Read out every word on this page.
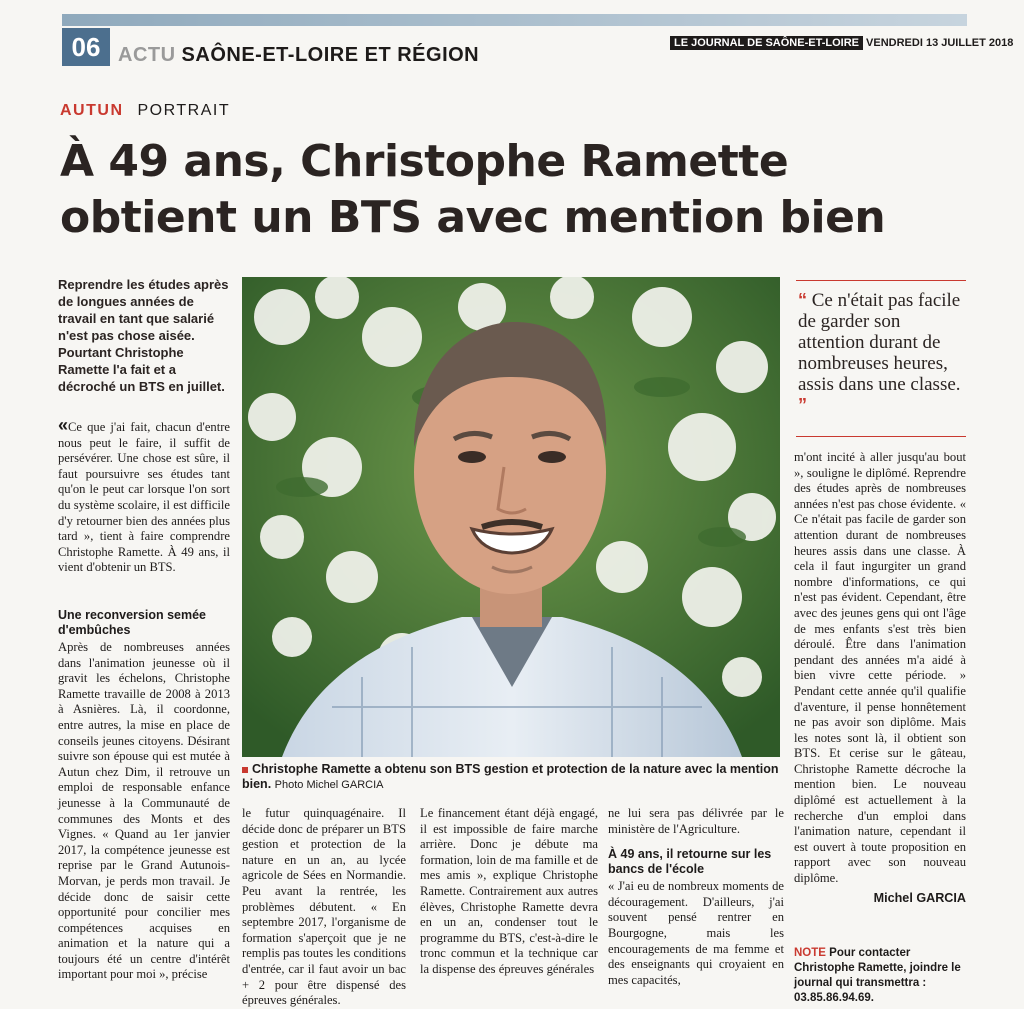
06 ACTU SAÔNE-ET-LOIRE ET RÉGION
LE JOURNAL DE SAÔNE-ET-LOIRE VENDREDI 13 JUILLET 2018
AUTUN PORTRAIT
À 49 ans, Christophe Ramette
obtient un BTS avec mention bien
Reprendre les études après de longues années de travail en tant que salarié n'est pas chose aisée. Pourtant Christophe Ramette l'a fait et a décroché un BTS en juillet.
«Ce que j'ai fait, chacun d'entre nous peut le faire, il suffit de persévérer. Une chose est sûre, il faut poursuivre ses études tant qu'on le peut car lorsque l'on sort du système scolaire, il est difficile d'y retourner bien des années plus tard », tient à faire comprendre Christophe Ramette. À 49 ans, il vient d'obtenir un BTS.
Une reconversion semée d'embûches

Après de nombreuses années dans l'animation jeunesse où il gravit les échelons, Christophe Ramette travaille de 2008 à 2013 à Asnières. Là, il coordonne, entre autres, la mise en place de conseils jeunes citoyens. Désirant suivre son épouse qui est mutée à Autun chez Dim, il retrouve un emploi de responsable enfance jeunesse à la Communauté de communes des Monts et des Vignes. « Quand au 1er janvier 2017, la compétence jeunesse est reprise par le Grand Autunois-Morvan, je perds mon travail. Je décide donc de saisir cette opportunité pour concilier mes compétences acquises en animation et la nature qui a toujours été un centre d'intérêt important pour moi », précise

Christophe Ramette a obtenu son BTS gestion et protection de la nature avec la mention bien. Photo Michel GARCIA
le futur quinquagénaire. Il décide donc de préparer un BTS gestion et protection de la nature en un an, au lycée agricole de Sées en Normandie. Peu avant la rentrée, les problèmes débutent. « En septembre 2017, l'organisme de formation s'aperçoit que je ne remplis pas toutes les conditions d'entrée, car il faut avoir un bac + 2 pour être dispensé des épreuves générales.
Le financement étant déjà engagé, il est impossible de faire marche arrière. Donc je débute ma formation, loin de ma famille et de mes amis », explique Christophe Ramette. Contrairement aux autres élèves, Christophe Ramette devra en un an, condenser tout le programme du BTS, c'est-à-dire le tronc commun et la technique car la dispense des épreuves générales

ne lui sera pas délivrée par le ministère de l'Agriculture.

À 49 ans, il retourne sur les bancs de l'école

« J'ai eu de nombreux moments de découragement. D'ailleurs, j'ai souvent pensé rentrer en Bourgogne, mais les encouragements de ma femme et des enseignants qui croyaient en mes capacités,

“ Ce n'était pas facile de garder son attention durant de nombreuses heures, assis dans une classe. ”

m'ont incité à aller jusqu'au bout », souligne le diplômé. Reprendre des études après de nombreuses années n'est pas chose évidente. « Ce n'était pas facile de garder son attention durant de nombreuses heures assis dans une classe. À cela il faut ingurgiter un grand nombre d'informations, ce qui n'est pas évident. Cependant, être avec des jeunes gens qui ont l'âge de mes enfants s'est très bien déroulé. Être dans l'animation pendant des années m'a aidé à bien vivre cette période. » Pendant cette année qu'il qualifie d'aventure, il pense honnêtement ne pas avoir son diplôme. Mais les notes sont là, il obtient son BTS. Et cerise sur le gâteau, Christophe Ramette décroche la mention bien. Le nouveau diplômé est actuellement à la recherche d'un emploi dans l'animation nature, cependant il est ouvert à toute proposition en rapport avec son nouveau diplôme.

Michel GARCIA
NOTE Pour contacter Christophe Ramette, joindre le journal qui transmettra : 03.85.86.94.69.
